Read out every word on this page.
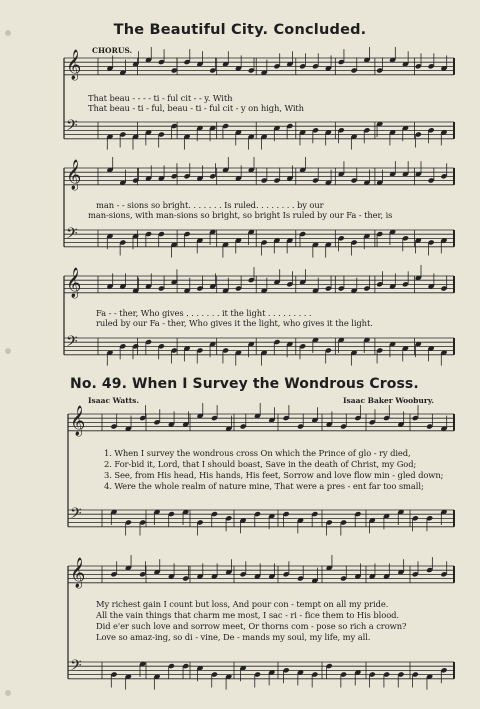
The Beautiful City. Concluded.
CHORUS.
That beau - - - - ti - ful cit - - y. With
That beau - ti - ful, beau - ti - ful cit - y on high, With
man - - sions so bright. . . . . . . Is ruled. . . . . . . . by our
man-sions, with man-sions so bright, so bright Is ruled by our Fa - ther, is
Fa - - ther, Who gives . . . . . . . it the light . . . . . . . . .
ruled by our Fa - ther, Who gives it the light, who gives it the light.
No. 49. When I Survey the Wondrous Cross.
Isaac Watts.	Isaac Baker Woobury.
1. When I survey the wondrous cross On which the Prince of glo - ry died,
2. For-bid it, Lord, that I should boast, Save in the death of Christ, my God;
3. See, from His head, His hands, His feet, Sorrow and love flow min - gled down;
4. Were the whole realm of nature mine, That were a pres - ent far too small;
My richest gain I count but loss, And pour con - tempt on all my pride.
All the vain things that charm me most, I sac - ri - fice them to His blood.
Did e'er such love and sorrow meet, Or thorns com - pose so rich a crown?
Love so amaz-ing, so di - vine, De - mands my soul, my life, my all.
𝄞
𝄢
𝄞
𝄢
𝄞
𝄢
𝄞
𝄢
𝄞
𝄢
